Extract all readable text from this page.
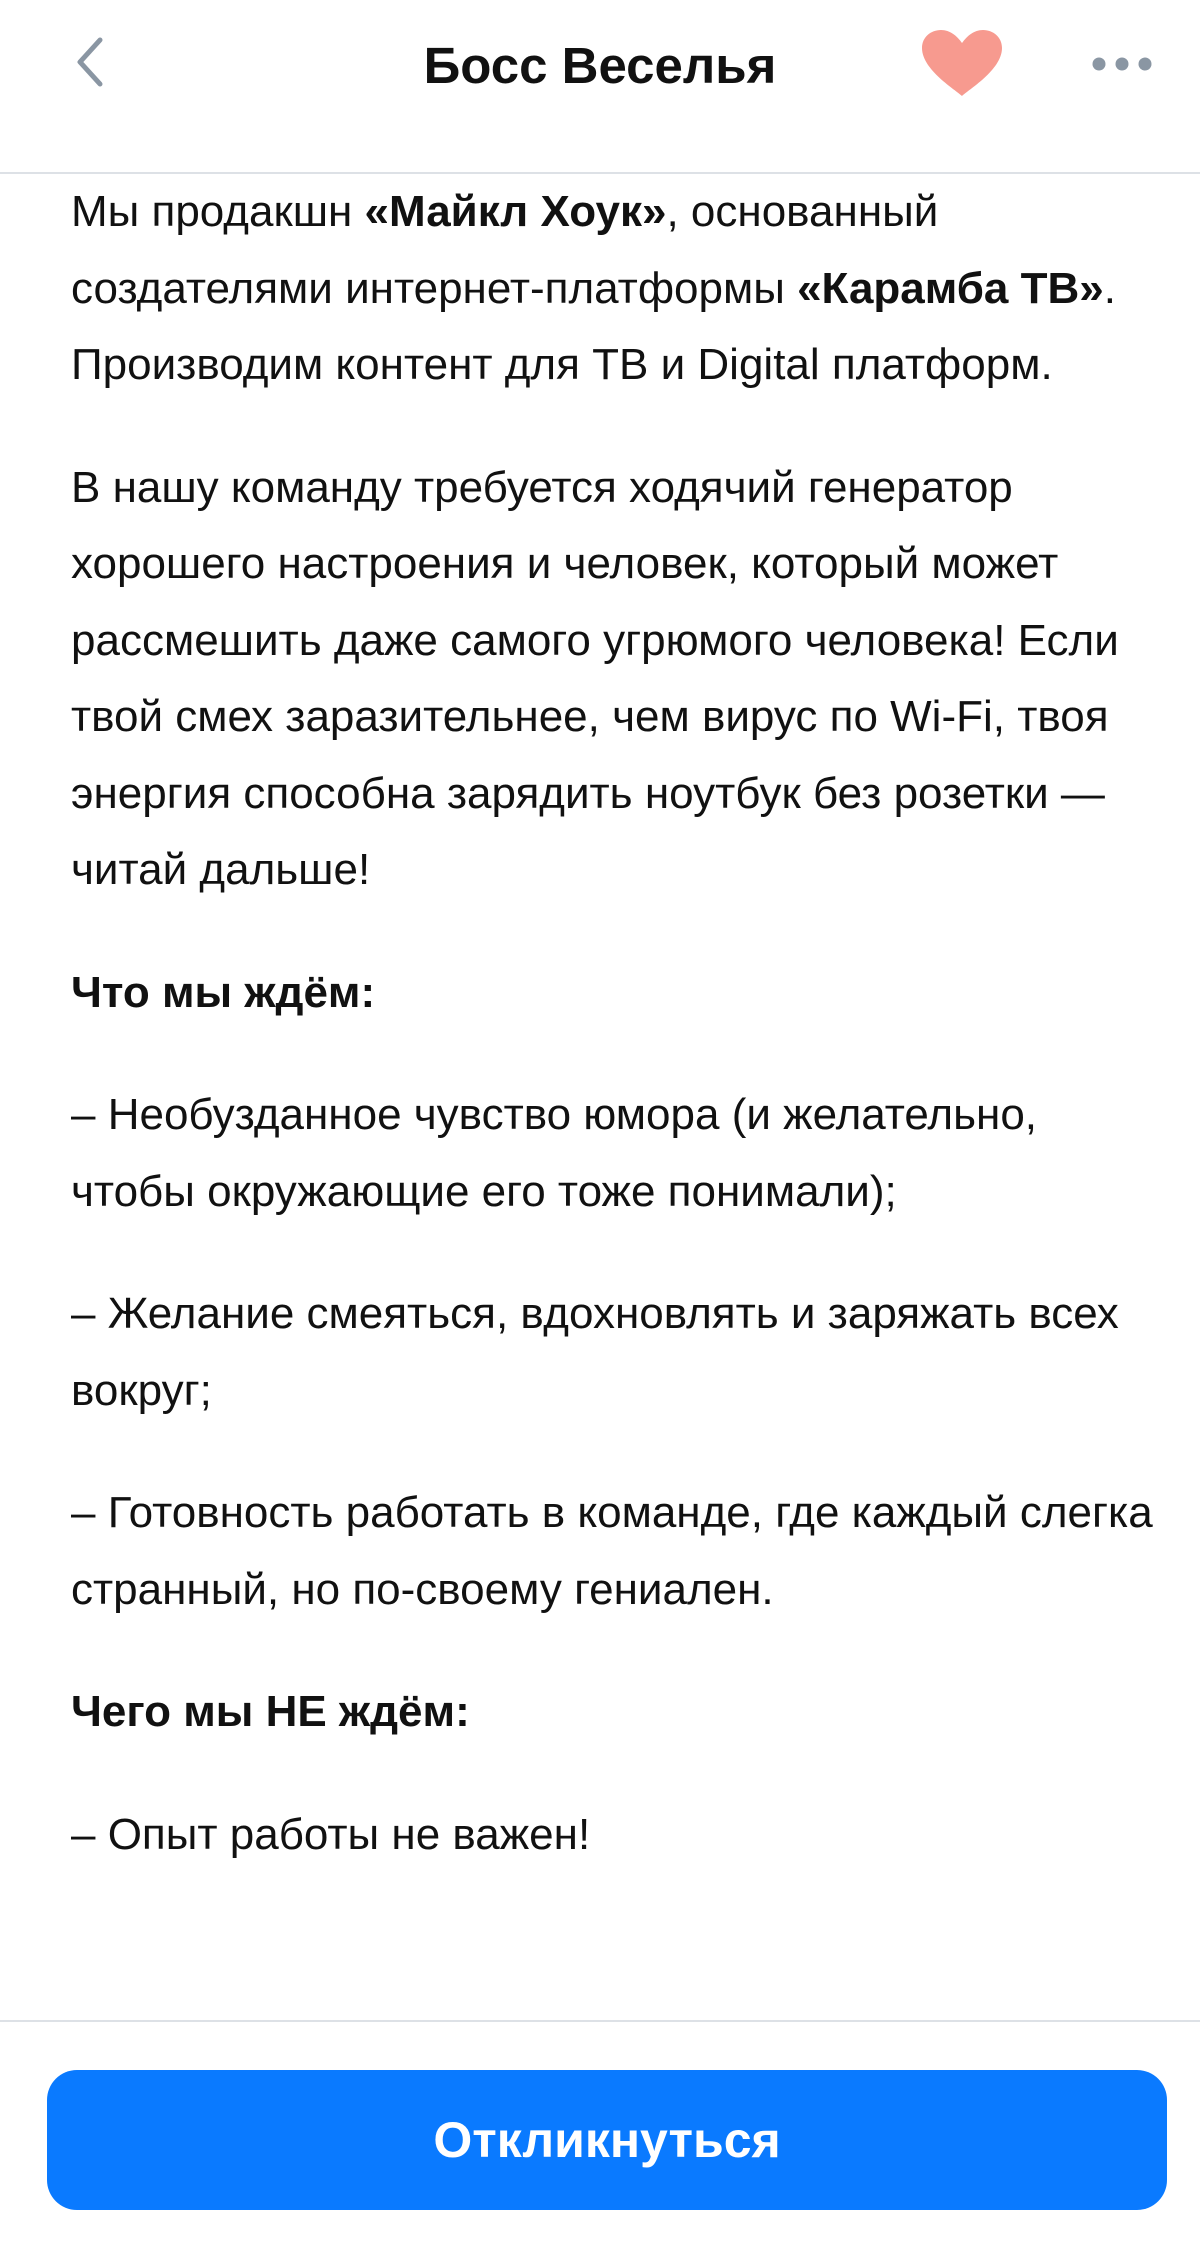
Босс Веселья

Мы продакшн «Майкл Хоук», основанный создателями интернет-платформы «Карамба ТВ». Производим контент для ТВ и Digital платформ.

В нашу команду требуется ходячий генератор хорошего настроения и человек, который может рассмешить даже самого угрюмого человека! Если твой смех заразительнее, чем вирус по Wi-Fi, твоя энергия способна зарядить ноутбук без розетки — читай дальше!

Что мы ждём:

– Необузданное чувство юмора (и желательно, чтобы окружающие его тоже понимали);

– Желание смеяться, вдохновлять и заряжать всех вокруг;

– Готовность работать в команде, где каждый слегка странный, но по-своему гениален.

Чего мы НЕ ждём:

– Опыт работы не важен!

Откликнуться
